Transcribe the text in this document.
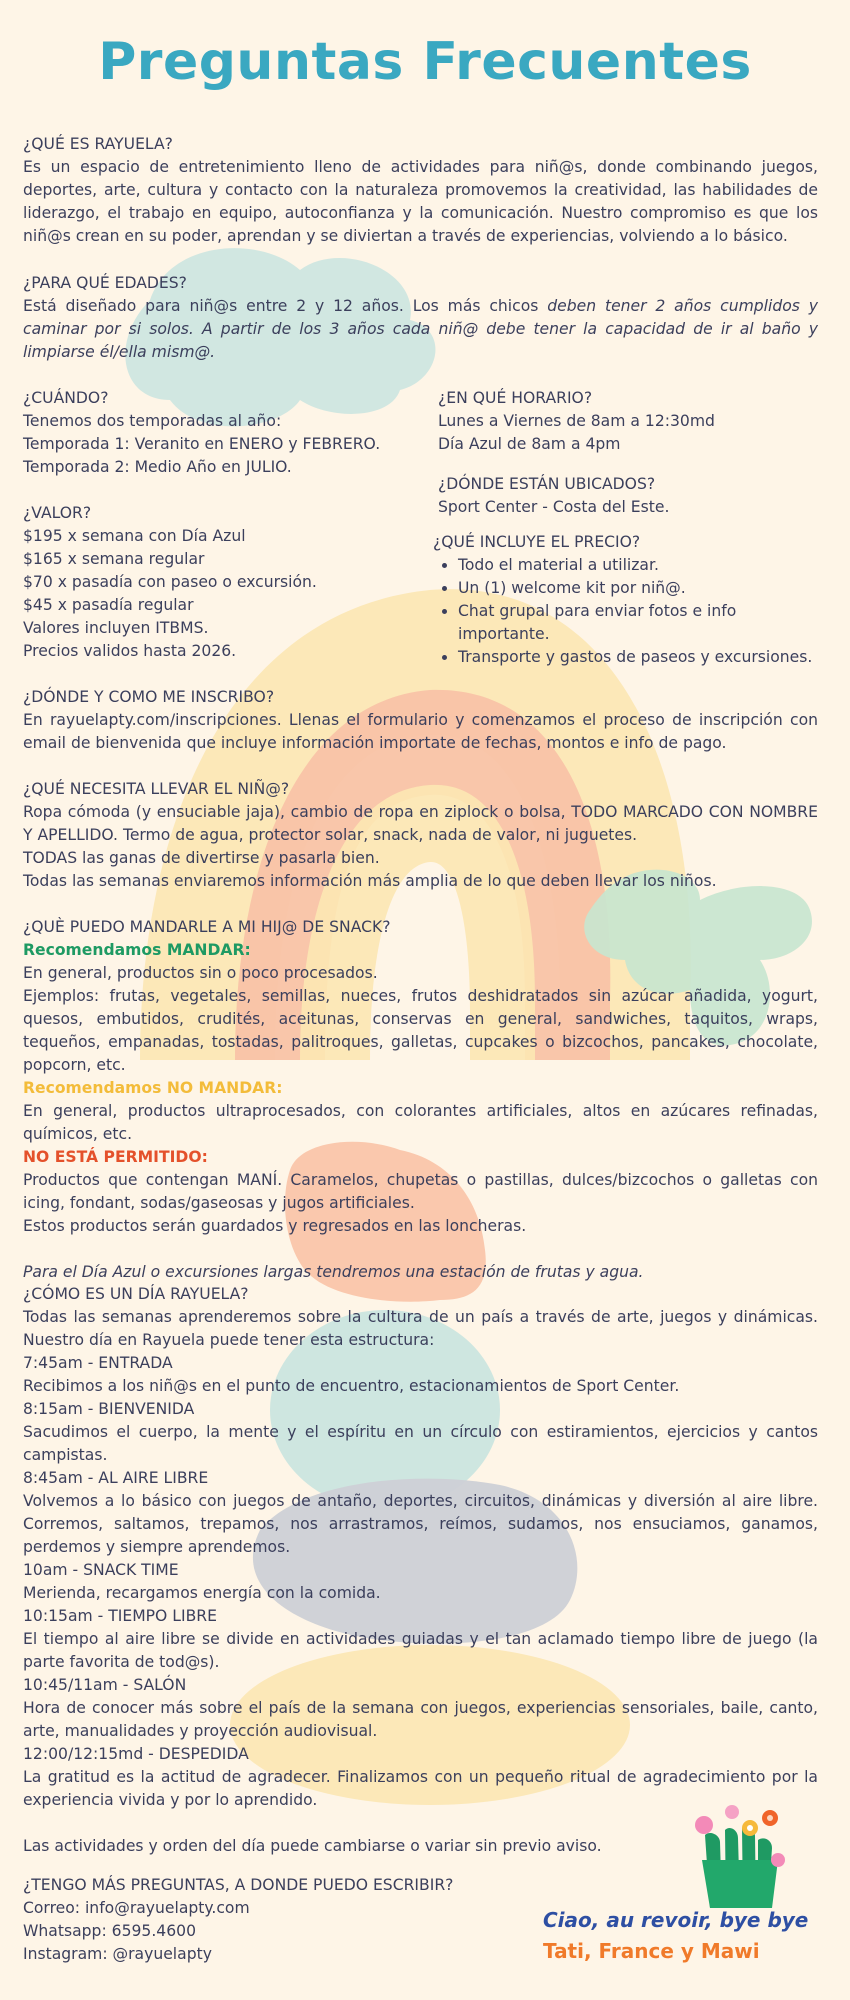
Preguntas Frecuentes
¿QUÉ ES RAYUELA?

Es un espacio de entretenimiento lleno de actividades para niñ@s, donde combinando juegos, deportes, arte, cultura y contacto con la naturaleza promovemos la creatividad, las habilidades de liderazgo, el trabajo en equipo, autoconfianza y la comunicación. Nuestro compromiso es que los niñ@s crean en su poder, aprendan y se diviertan a través de experiencias, volviendo a lo básico.

¿PARA QUÉ EDADES?

Está diseñado para niñ@s entre 2 y 12 años. Los más chicos deben tener 2 años cumplidos y caminar por si solos. A partir de los 3 años cada niñ@ debe tener la capacidad de ir al baño y limpiarse él/ella mism@.

¿CUÁNDO?

Tenemos dos temporadas al año:

Temporada 1: Veranito en ENERO y FEBRERO.

Temporada 2: Medio Año en JULIO.

¿VALOR?

$195 x semana con Día Azul

$165 x semana regular

$70 x pasadía con paseo o excursión.

$45 x pasadía regular

Valores incluyen ITBMS.

Precios validos hasta 2026.

¿EN QUÉ HORARIO?

Lunes a Viernes de 8am a 12:30md

Día Azul de 8am a 4pm

¿DÓNDE ESTÁN UBICADOS?

Sport Center - Costa del Este.

¿QUÉ INCLUYE EL PRECIO?
• Todo el material a utilizar.
• Un (1) welcome kit por niñ@.
• Chat grupal para enviar fotos e info importante.
• Transporte y gastos de paseos y excursiones.
¿DÓNDE Y COMO ME INSCRIBO?

En rayuelapty.com/inscripciones. Llenas el formulario y comenzamos el proceso de inscripción con email de bienvenida que incluye información importate de fechas, montos e info de pago.

¿QUÉ NECESITA LLEVAR EL NIÑ@?

Ropa cómoda (y ensuciable jaja), cambio de ropa en ziplock o bolsa, TODO MARCADO CON NOMBRE Y APELLIDO. Termo de agua, protector solar, snack, nada de valor, ni juguetes.

TODAS las ganas de divertirse y pasarla bien.

Todas las semanas enviaremos información más amplia de lo que deben llevar los niños.

¿QUÈ PUEDO MANDARLE A MI HIJ@ DE SNACK?

Recomendamos MANDAR:

En general, productos sin o poco procesados.

Ejemplos: frutas, vegetales, semillas, nueces, frutos deshidratados sin azúcar añadida, yogurt, quesos, embutidos, crudités, aceitunas, conservas en general, sandwiches, taquitos, wraps, tequeños, empanadas, tostadas, palitroques, galletas, cupcakes o bizcochos, pancakes, chocolate, popcorn, etc.

Recomendamos NO MANDAR:

En general, productos ultraprocesados, con colorantes artificiales, altos en azúcares refinadas, químicos, etc.

NO ESTÁ PERMITIDO:

Productos que contengan MANÍ. Caramelos, chupetas o pastillas, dulces/bizcochos o galletas con icing, fondant, sodas/gaseosas y jugos artificiales.

Estos productos serán guardados y regresados en las loncheras.

Para el Día Azul o excursiones largas tendremos una estación de frutas y agua.

¿CÓMO ES UN DÍA RAYUELA?

Todas las semanas aprenderemos sobre la cultura de un país a través de arte, juegos y dinámicas. Nuestro día en Rayuela puede tener esta estructura:

7:45am - ENTRADA

Recibimos a los niñ@s en el punto de encuentro, estacionamientos de Sport Center.

8:15am - BIENVENIDA

Sacudimos el cuerpo, la mente y el espíritu en un círculo con estiramientos, ejercicios y cantos campistas.

8:45am - AL AIRE LIBRE

Volvemos a lo básico con juegos de antaño, deportes, circuitos, dinámicas y diversión al aire libre. Corremos, saltamos, trepamos, nos arrastramos, reímos, sudamos, nos ensuciamos, ganamos, perdemos y siempre aprendemos.

10am - SNACK TIME

Merienda, recargamos energía con la comida.

10:15am - TIEMPO LIBRE

El tiempo al aire libre se divide en actividades guiadas y el tan aclamado tiempo libre de juego (la parte favorita de tod@s).

10:45/11am - SALÓN

Hora de conocer más sobre el país de la semana con juegos, experiencias sensoriales, baile, canto, arte, manualidades y proyección audiovisual.

12:00/12:15md - DESPEDIDA

La gratitud es la actitud de agradecer. Finalizamos con un pequeño ritual de agradecimiento por la experiencia vivida y por lo aprendido.

Las actividades y orden del día puede cambiarse o variar sin previo aviso.

¿TENGO MÁS PREGUNTAS, A DONDE PUEDO ESCRIBIR?

Correo: info@rayuelapty.com

Whatsapp: 6595.4600

Instagram: @rayuelapty

Ciao, au revoir, bye bye
Tati, France y Mawi
